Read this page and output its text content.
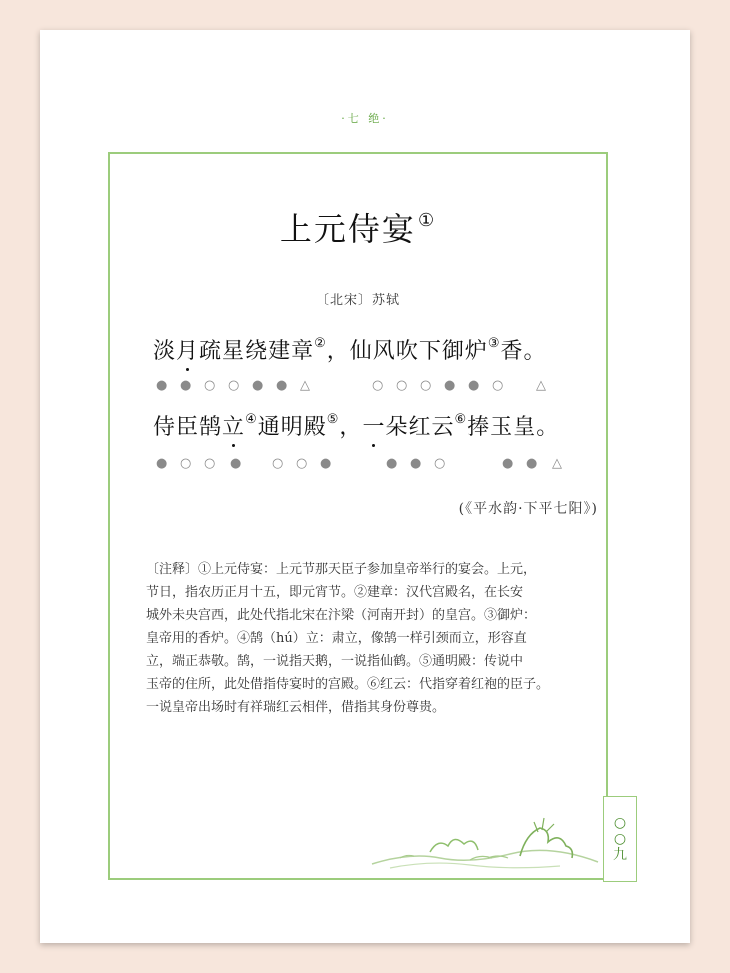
·七 绝·
上元侍宴 ①
〔北宋〕苏轼
淡月疏星绕建章②，仙风吹下御炉③香。
● ● ○ ○ ● ● △	○ ○ ○ ● ● ○	△
侍臣鹄立④通明殿⑤，一朵红云⑥捧玉皇。
● ○ ○ ● ○ ○ ●	● ● ○	● ● △
(《平水韵·下平七阳》)

〔注释〕①上元侍宴：上元节那天臣子参加皇帝举行的宴会。上元，

节日，指农历正月十五，即元宵节。②建章：汉代宫殿名，在长安

城外未央宫西，此处代指北宋在汴梁（河南开封）的皇宫。③御炉：

皇帝用的香炉。④鹄（hú）立：肃立，像鹄一样引颈而立，形容直

立，端正恭敬。鹄，一说指天鹅，一说指仙鹤。⑤通明殿：传说中

玉帝的住所，此处借指侍宴时的宫殿。⑥红云：代指穿着红袍的臣子。

一说皇帝出场时有祥瑞红云相伴，借指其身份尊贵。

○
○
九
